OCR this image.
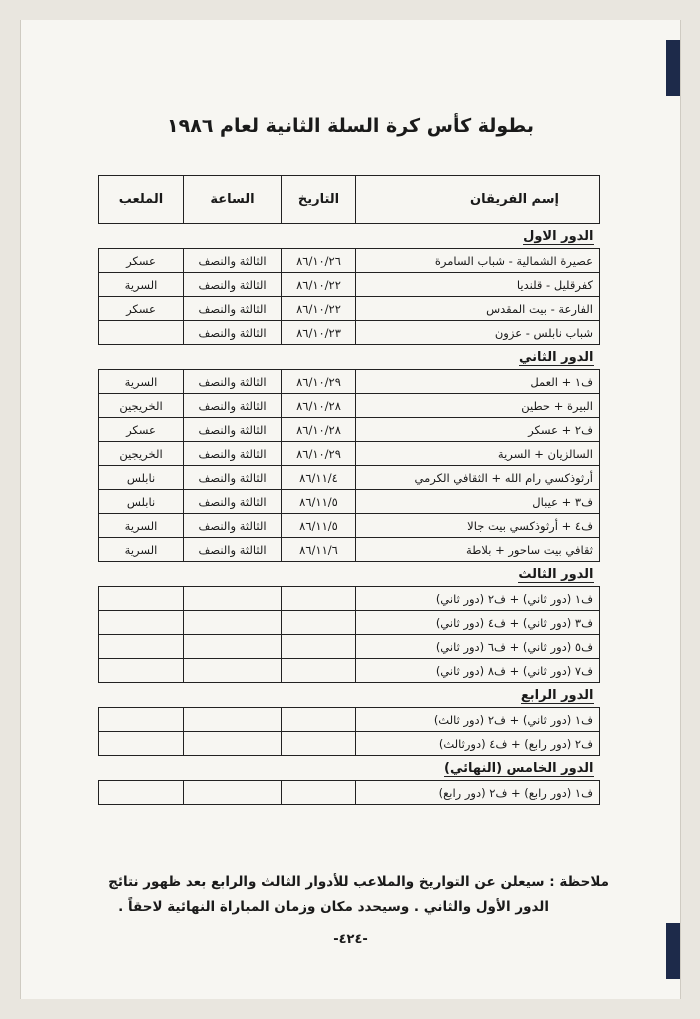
بطولة كأس كرة السلة الثانية لعام ١٩٨٦
إسم الفريقان	التاريخ	الساعة	الملعب
الدور الاول			
عصيرة الشمالية - شباب السامرة	٨٦/١٠/٢٦	الثالثة والنصف	عسكر
كفرقليل - قلنديا	٨٦/١٠/٢٢	الثالثة والنصف	السرية
الفارعة - بيت المقدس	٨٦/١٠/٢٢	الثالثة والنصف	عسكر
شباب نابلس - عزون	٨٦/١٠/٢٣	الثالثة والنصف	
الدور الثاني			
ف١ + العمل	٨٦/١٠/٢٩	الثالثة والنصف	السرية
البيرة + حطين	٨٦/١٠/٢٨	الثالثة والنصف	الخريجين
ف٢ + عسكر	٨٦/١٠/٢٨	الثالثة والنصف	عسكر
السالزيان + السرية	٨٦/١٠/٢٩	الثالثة والنصف	الخريجين
أرثوذكسي رام الله + الثقافي الكرمي	٨٦/١١/٤	الثالثة والنصف	نابلس
ف٣ + عيبال	٨٦/١١/٥	الثالثة والنصف	نابلس
ف٤ + أرثوذكسي بيت جالا	٨٦/١١/٥	الثالثة والنصف	السرية
ثقافي بيت ساحور + بلاطة	٨٦/١١/٦	الثالثة والنصف	السرية
الدور الثالث			
ف١ (دور ثاني) + ف٢ (دور ثاني)			
ف٣ (دور ثاني) + ف٤ (دور ثاني)			
ف٥ (دور ثاني) + ف٦ (دور ثاني)			
ف٧ (دور ثاني) + ف٨ (دور ثاني)			
الدور الرابع			
ف١ (دور ثاني) + ف٢ (دور ثالث)			
ف٢ (دور رابع) + ف٤ (دورثالث)			
الدور الخامس (النهائي)			
ف١ (دور رابع) + ف٢ (دور رابع)			
ملاحظة : سيعلن عن التواريخ والملاعب للأدوار الثالث والرابع بعد ظهور نتائج
الدور الأول والثاني . وسيحدد مكان وزمان المباراة النهائية لاحقاً .
-٤٢٤-
